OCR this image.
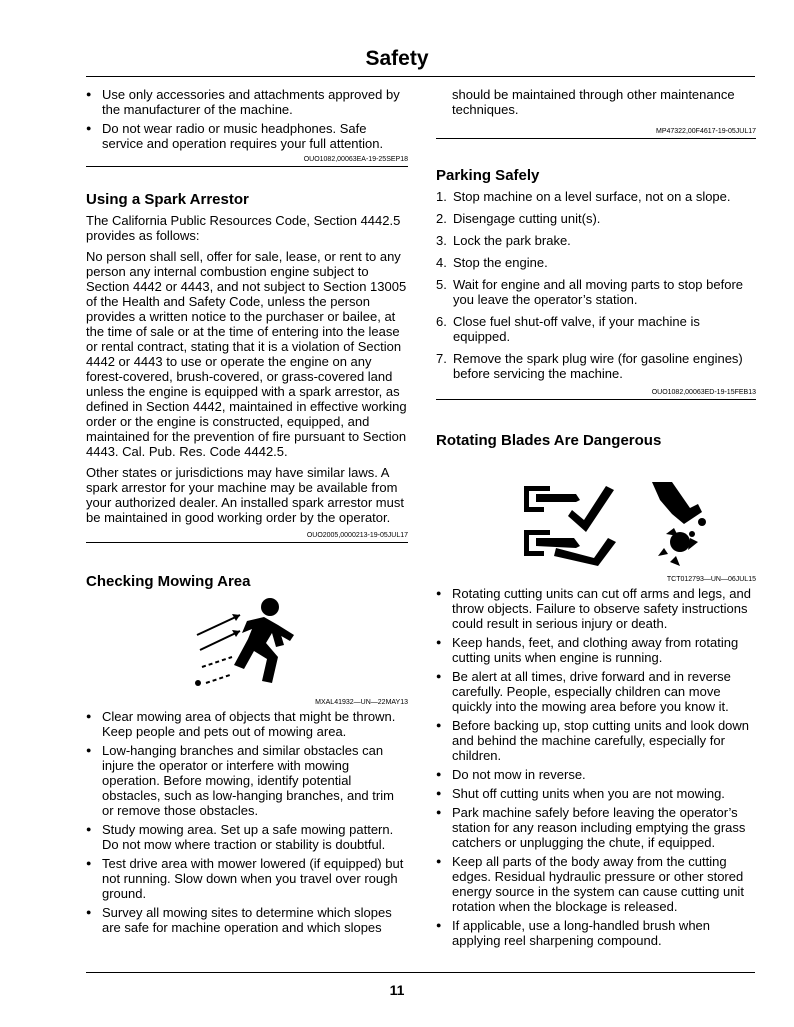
Safety
● Use only accessories and attachments approved by the manufacturer of the machine.
● Do not wear radio or music headphones. Safe service and operation requires your full attention.
OUO1082,00063EA-19-25SEP18
Using a Spark Arrestor

The California Public Resources Code, Section 4442.5 provides as follows:

No person shall sell, offer for sale, lease, or rent to any person any internal combustion engine subject to Section 4442 or 4443, and not subject to Section 13005 of the Health and Safety Code, unless the person provides a written notice to the purchaser or bailee, at the time of sale or at the time of entering into the lease or rental contract, stating that it is a violation of Section 4442 or 4443 to use or operate the engine on any forest-covered, brush-covered, or grass-covered land unless the engine is equipped with a spark arrestor, as defined in Section 4442, maintained in effective working order or the engine is constructed, equipped, and maintained for the prevention of fire pursuant to Section 4443. Cal. Pub. Res. Code 4442.5.

Other states or jurisdictions may have similar laws. A spark arrestor for your machine may be available from your authorized dealer. An installed spark arrestor must be maintained in good working order by the operator.

OUO2005,0000213-19-05JUL17
Checking Mowing Area
MXAL41932—UN—22MAY13
● Clear mowing area of objects that might be thrown. Keep people and pets out of mowing area.
● Low-hanging branches and similar obstacles can injure the operator or interfere with mowing operation. Before mowing, identify potential obstacles, such as low-hanging branches, and trim or remove those obstacles.
● Study mowing area. Set up a safe mowing pattern. Do not mow where traction or stability is doubtful.
● Test drive area with mower lowered (if equipped) but not running. Slow down when you travel over rough ground.
● Survey all mowing sites to determine which slopes are safe for machine operation and which slopes

should be maintained through other maintenance techniques.

MP47322,00F4617-19-05JUL17
Parking Safely
1. Stop machine on a level surface, not on a slope.
2. Disengage cutting unit(s).
3. Lock the park brake.
4. Stop the engine.
5. Wait for engine and all moving parts to stop before you leave the operator’s station.
6. Close fuel shut-off valve, if your machine is equipped.
7. Remove the spark plug wire (for gasoline engines) before servicing the machine.
OUO1082,00063ED-19-15FEB13
Rotating Blades Are Dangerous
TCT012793—UN—06JUL15
● Rotating cutting units can cut off arms and legs, and throw objects. Failure to observe safety instructions could result in serious injury or death.
● Keep hands, feet, and clothing away from rotating cutting units when engine is running.
● Be alert at all times, drive forward and in reverse carefully. People, especially children can move quickly into the mowing area before you know it.
● Before backing up, stop cutting units and look down and behind the machine carefully, especially for children.
● Do not mow in reverse.
● Shut off cutting units when you are not mowing.
● Park machine safely before leaving the operator’s station for any reason including emptying the grass catchers or unplugging the chute, if equipped.
● Keep all parts of the body away from the cutting edges. Residual hydraulic pressure or other stored energy source in the system can cause cutting unit rotation when the blockage is released.
● If applicable, use a long-handled brush when applying reel sharpening compound.
11
